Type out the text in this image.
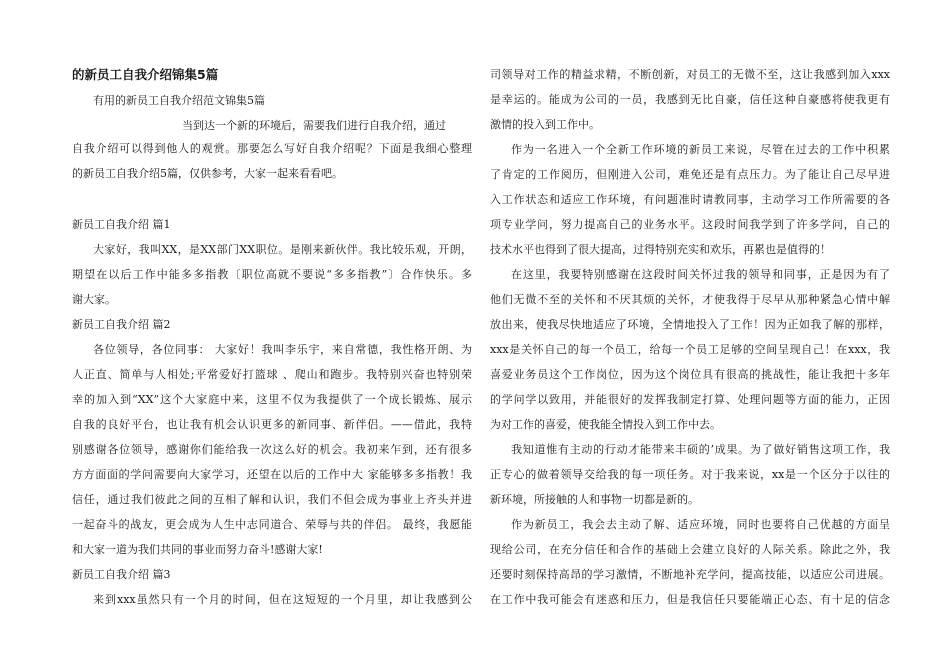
的新员工自我介绍锦集5篇
有用的新员工自我介绍范文锦集5篇
当到达一个新的环境后，需要我们进行自我介绍，通过
自我介绍可以得到他人的观赏。那要怎么写好自我介绍呢？下面是我细心整理
的新员工自我介绍5篇，仅供参考，大家一起来看看吧。
新员工自我介绍 篇1
大家好，我叫XX，是XX部门XX职位。是刚来新伙伴。我比较乐观，开朗，
期望在以后工作中能多多指教〔职位高就不要说“多多指教”〕合作快乐。多
谢大家。
新员工自我介绍 篇2
各位领导，各位同事： 大家好！我叫李乐宇，来自常德，我性格开朗、为
人正直、简单与人相处;平常爱好打篮球 、爬山和跑步。我特别兴奋也特别荣
幸的加入到“XX”这个大家庭中来，这里不仅为我提供了一个成长锻炼、展示
自我的良好平台，也让我有机会认识更多的新同事、新伴侣。——借此，我特
别感谢各位领导，感谢你们能给我一次这么好的机会。我初来乍到，还有很多
方方面面的学问需要向大家学习，还望在以后的工作中大 家能够多多指教！我
信任，通过我们彼此之间的互相了解和认识，我们不但会成为事业上齐头并进
一起奋斗的战友，更会成为人生中志同道合、荣辱与共的伴侣。 最终，我愿能
和大家一道为我们共同的事业而努力奋斗!感谢大家!
新员工自我介绍 篇3
来到xxx虽然只有一个月的时间，但在这短短的一个月里，却让我感到公
司领导对工作的精益求精，不断创新，对员工的无微不至，这让我感到加入xxx
是幸运的。能成为公司的一员，我感到无比自豪，信任这种自豪感将使我更有
激情的投入到工作中。
作为一名进入一个全新工作环境的新员工来说，尽管在过去的工作中积累
了肯定的工作阅历，但刚进入公司，难免还是有点压力。为了能让自己尽早进
入工作状态和适应工作环境，有问题准时请教同事，主动学习工作所需要的各
项专业学问，努力提高自己的业务水平。这段时间我学到了许多学问，自己的
技术水平也得到了很大提高，过得特别充实和欢乐，再累也是值得的！
在这里，我要特别感谢在这段时间关怀过我的领导和同事，正是因为有了
他们无微不至的关怀和不厌其烦的关怀，才使我得于尽早从那种紧急心情中解
放出来，使我尽快地适应了环境，全情地投入了工作！因为正如我了解的那样，
xxx是关怀自己的每一个员工，给每一个员工足够的空间呈现自己！在xxx，我
喜爱业务员这个工作岗位，因为这个岗位具有很高的挑战性，能让我把十多年
的学问学以致用，并能很好的发挥我制定打算、处理问题等方面的能力，正因
为对工作的喜爱，使我能全情投入到工作中去。
我知道惟有主动的行动才能带来丰硕的’成果。为了做好销售这项工作，我
正专心的做着领导交给我的每一项任务。对于我来说，xx是一个区分于以往的
新环境，所接触的人和事物一切都是新的。
作为新员工，我会去主动了解、适应环境，同时也要将自己优越的方面呈
现给公司，在充分信任和合作的基础上会建立良好的人际关系。除此之外，我
还要时刻保持高昂的学习激情，不断地补充学问，提高技能，以适应公司进展。
在工作中我可能会有迷惑和压力，但是我信任只要能端正心态、有十足的信念
